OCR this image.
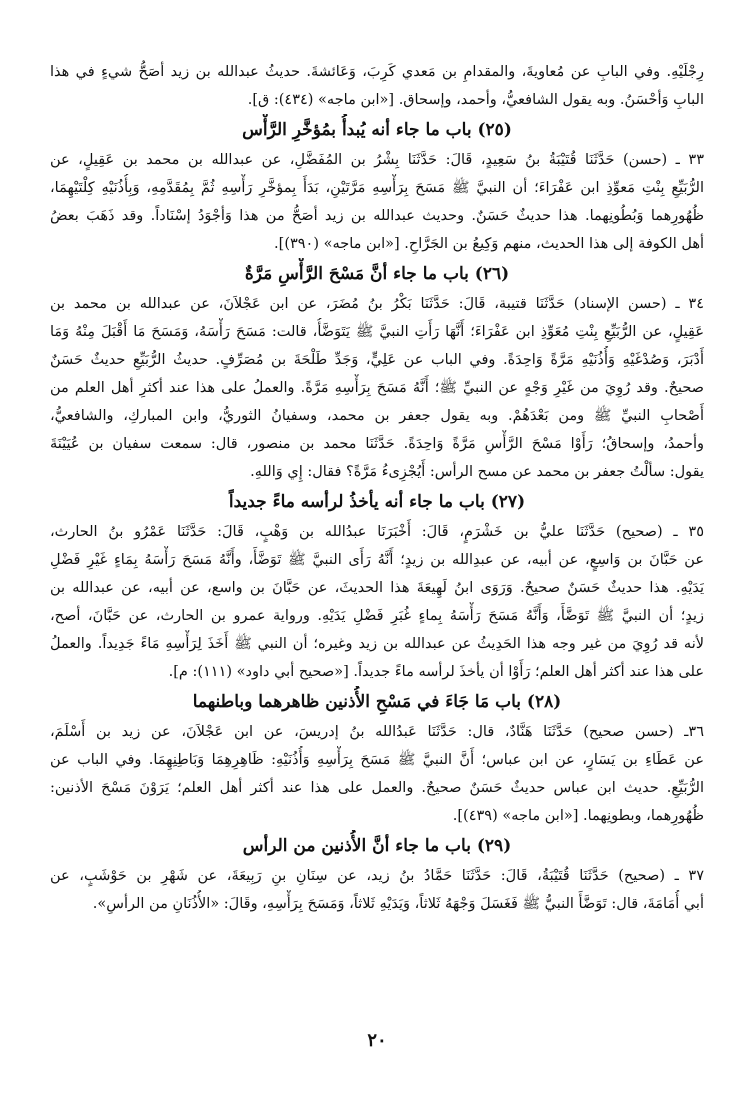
رِجْلَيْهِ. وفي البابِ عن مُعاويةَ، والمقدامِ بن مَعدي كَرِبَ، وَعَائشةَ. حديثُ عبدالله بن زيد أصَحُّ شيءٍ في هذا
البابِ وَأحْسَنُ. وبه يقول الشافعيُّ، وأحمد، وإسحاق. [«ابن ماجه» (٤٣٤): ق].
(٢٥) باب ما جاء أنه يُبدأُ بمُؤخَّرِ الرَّأْس
٣٣ ـ (حسن) حَدَّثَنَا قُتَيْبَةُ بنُ سَعِيدٍ، قَالَ: حَدَّثَنَا بِشْرُ بن المُفَضَّلِ، عن عبدالله بن محمد بن عَقِيلٍ، عن
الرُّبَيِّعِ بِنْتِ مَعوِّذِ ابن عَفْرَاءَ؛ أن النبيَّ ﷺ مَسَحَ بِرَأْسِهِ مَرَّتَيْنِ، بَدَأَ بِمؤخَّرِ رَأْسِهِ ثُمَّ بِمُقَدَّمِهِ، وَبِأُذُنَيْهِ كِلْتَيْهِمَا،
ظُهُورِهما وَبُطُونِهما. هذا حديثٌ حَسَنٌ. وحديث عبدالله بن زيد أصَحُّ من هذا وَأجْوَدُ إسْنَاداً. وقد ذَهَبَ بعضُ
أهل الكوفة إلى هذا الحديث، منهم وَكِيعُ بن الجَرَّاحِ. [«ابن ماجه» (٣٩٠)].
(٢٦) باب ما جاء أنَّ مَسْحَ الرَّأْسِ مَرَّةٌ
٣٤ ـ (حسن الإسناد) حَدَّثَنَا قتيبة، قَالَ: حَدَّثَنَا بَكْرُ بنُ مُضَرَ، عن ابن عَجْلاَنَ، عن عبدالله بن محمد بن
عَقِيلٍ، عن الرُّبَيِّعِ بِنْتِ مُعَوِّذِ ابن عَفْرَاءَ؛ أَنَّهَا رَأَتِ النبيَّ ﷺ يَتَوَضَّأُ، قالت: مَسَحَ رَأْسَهُ، وَمَسَحَ مَا أَقْبَلَ مِنْهُ وَمَا
أَدْبَرَ، وَصُدْغَيْهِ وَأُذُنَيْهِ مَرَّةً وَاحِدَةً. وفي الباب عن عَلِيٍّ، وَجَدِّ طَلْحَةَ بن مُصَرِّفٍ. حديثُ الرُّبَيِّعِ حديثٌ حَسَنٌ
صحيحٌ. وقد رُوِيَ من غَيْرِ وَجْهٍ عن النبيِّ ﷺ؛ أَنَّهُ مَسَحَ بِرَأْسِهِ مَرَّةً. والعملُ على هذا عند أكثرِ أهل العلم من
أَصْحابِ النبيِّ ﷺ ومن بَعْدَهُمْ. وبه يقول جعفر بن محمد، وسفيانُ الثوريُّ، وابن المباركِ، والشافعيُّ،
وأحمدُ، وإسحاقُ؛ رَأَوْا مَسْحَ الرَّأْسِ مَرَّةً وَاحِدَةً. حَدَّثَنَا محمد بن منصور، قال: سمعت سفيان بن عُيَيْنَةَ
يقول: سألْتُ جعفر بن محمد عن مسح الرأس: أَيُجْزِىءُ مَرَّةً؟ فقال: إِي وَاللهِ.
(٢٧) باب ما جاء أنه يأخذُ لرأسه ماءً جديداً
٣٥ ـ (صحيح) حَدَّثَنَا عليُّ بن خَشْرَمٍ، قَالَ: أَخْبَرَنَا عبدُالله بن وَهْبٍ، قَالَ: حَدَّثَنَا عَمْرُو بنُ الحارث،
عن حَبَّانَ بن وَاسِعٍ، عن أبيه، عن عبدِالله بن زيدٍ؛ أَنَّهُ رَأَى النبيَّ ﷺ تَوَضَّأَ، وأَنَّهُ مَسَحَ رَأْسَهُ بِمَاءٍ غَيْرِ فَضْلِ
يَدَيْهِ. هذا حديثٌ حَسَنٌ صحيحٌ. وَرَوَى ابنُ لَهِيعَةَ هذا الحديثَ، عن حَبَّانَ بن واسع، عن أبيه، عن عبدالله بن
زيدٍ؛ أن النبيَّ ﷺ تَوَضَّأَ، وَأَنَّهُ مَسَحَ رَأْسَهُ بِماءٍ غُبَرِ فَضْلِ يَدَيْهِ. ورواية عمرو بن الحارث، عن حَبَّانَ، أصح،
لأنه قد رُوِيَ من غير وجه هذا الحَدِيثُ عن عبدالله بن زيد وغيره؛ أن النبي ﷺ أَخَذَ لِرَأْسِهِ مَاءً جَدِيداً. والعملُ
على هذا عند أكثر أهل العلم؛ رَأَوْا أن يأخذَ لرأسه ماءً جديداً. [«صحيح أبي داود» (١١١): م].
(٢٨) باب مَا جَاءَ في مَسْحِ الأُذنين ظاهرهما وباطنهما
٣٦ـ (حسن صحيح) حَدَّثَنَا هَنَّادٌ، قال: حَدَّثَنَا عَبدُالله بنُ إدريسَ، عن ابن عَجْلاَنَ، عن زيد بن أَسْلَمَ،
عن عَطَاءِ بن يَسَارٍ، عن ابن عباس؛ أَنَّ النبيَّ ﷺ مَسَحَ بِرَأْسِهِ وَأُذُنَيْهِ: ظَاهِرِهِمَا وَبَاطِنِهِمَا. وفي الباب عن
الرُّبَيِّعِ. حديث ابن عباس حديثٌ حَسَنٌ صحيحٌ. والعمل على هذا عند أكثر أهل العلم؛ يَرَوْنَ مَسْحَ الأذنين:
ظُهُورِهما، وبطونِهما. [«ابن ماجه» (٤٣٩)].
(٢٩) باب ما جاء أنَّ الأُذنين من الرأس
٣٧ ـ (صحيح) حَدَّثَنَا قُتَيْبَةُ، قَالَ: حَدَّثَنَا حَمَّادُ بنُ زيد، عن سِنَانِ بنِ رَبِيعَةَ، عن شَهْرِ بن حَوْشَبٍ، عن
أبي أُمَامَةَ، قال: تَوَضَّأَ النبيُّ ﷺ فَغَسَلَ وَجْهَهُ ثَلاثاً، وَيَدَيْهِ ثَلاثاً، وَمَسَحَ بِرَأْسِهِ، وقَالَ: «الأُذُنَانِ من الرأسِ».
٢٠
